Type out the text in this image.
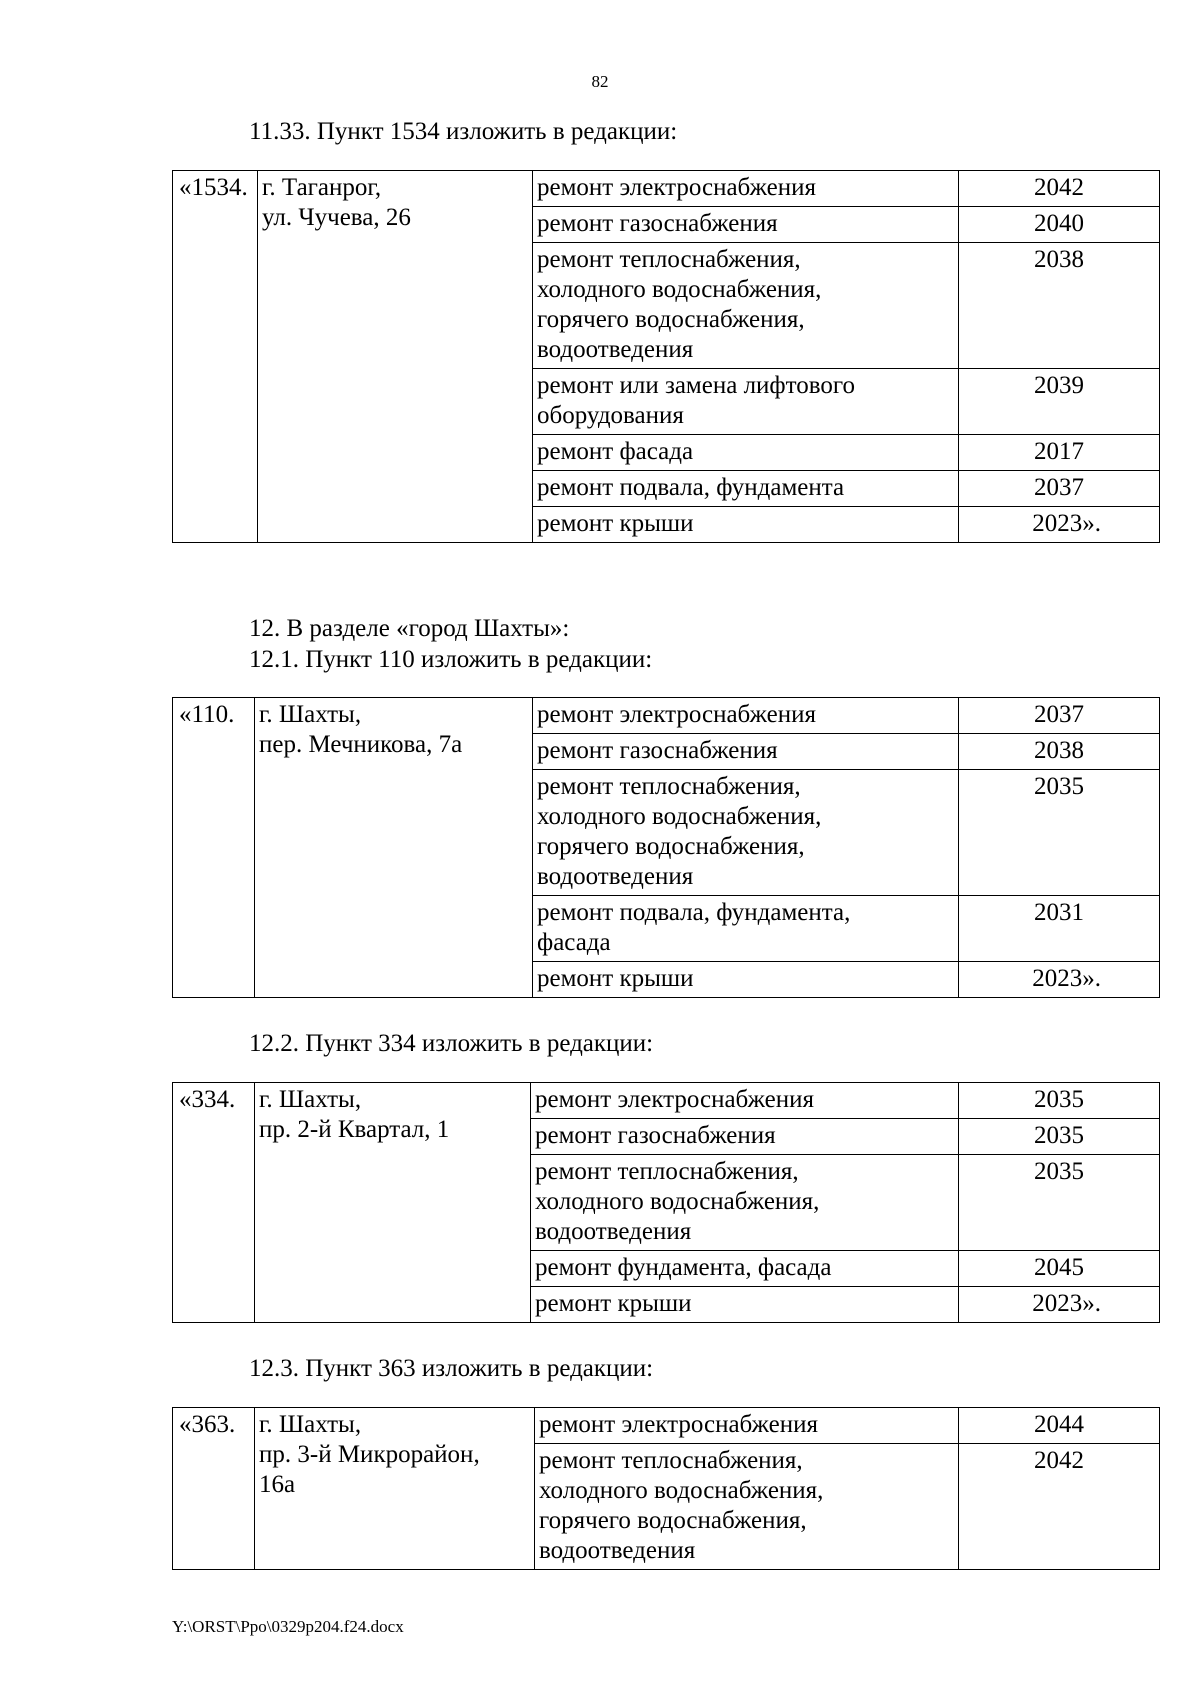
82
11.33. Пункт 1534 изложить в редакции:
«1534.	г. Таганрог,
ул. Чучева, 26	ремонт электроснабжения	2042
		ремонт газоснабжения	2040
		ремонт теплоснабжения,
холодного водоснабжения,
горячего водоснабжения,
водоотведения	2038
		ремонт или замена лифтового
оборудования	2039
		ремонт фасада	2017
		ремонт подвала, фундамента	2037
		ремонт крыши	2023».
12. В разделе «город Шахты»:
12.1. Пункт 110 изложить в редакции:
«110.	г. Шахты,
пер. Мечникова, 7а	ремонт электроснабжения	2037
		ремонт газоснабжения	2038
		ремонт теплоснабжения,
холодного водоснабжения,
горячего водоснабжения,
водоотведения	2035
		ремонт подвала, фундамента,
фасада	2031
		ремонт крыши	2023».
12.2. Пункт 334 изложить в редакции:
«334.	г. Шахты,
пр. 2-й Квартал, 1	ремонт электроснабжения	2035
		ремонт газоснабжения	2035
		ремонт теплоснабжения,
холодного водоснабжения,
водоотведения	2035
		ремонт фундамента, фасада	2045
		ремонт крыши	2023».
12.3. Пункт 363 изложить в редакции:
«363.	г. Шахты,
пр. 3-й Микрорайон,
16а	ремонт электроснабжения	2044
		ремонт теплоснабжения,
холодного водоснабжения,
горячего водоснабжения,
водоотведения	2042
Y:\ORST\Ppo\0329p204.f24.docx
